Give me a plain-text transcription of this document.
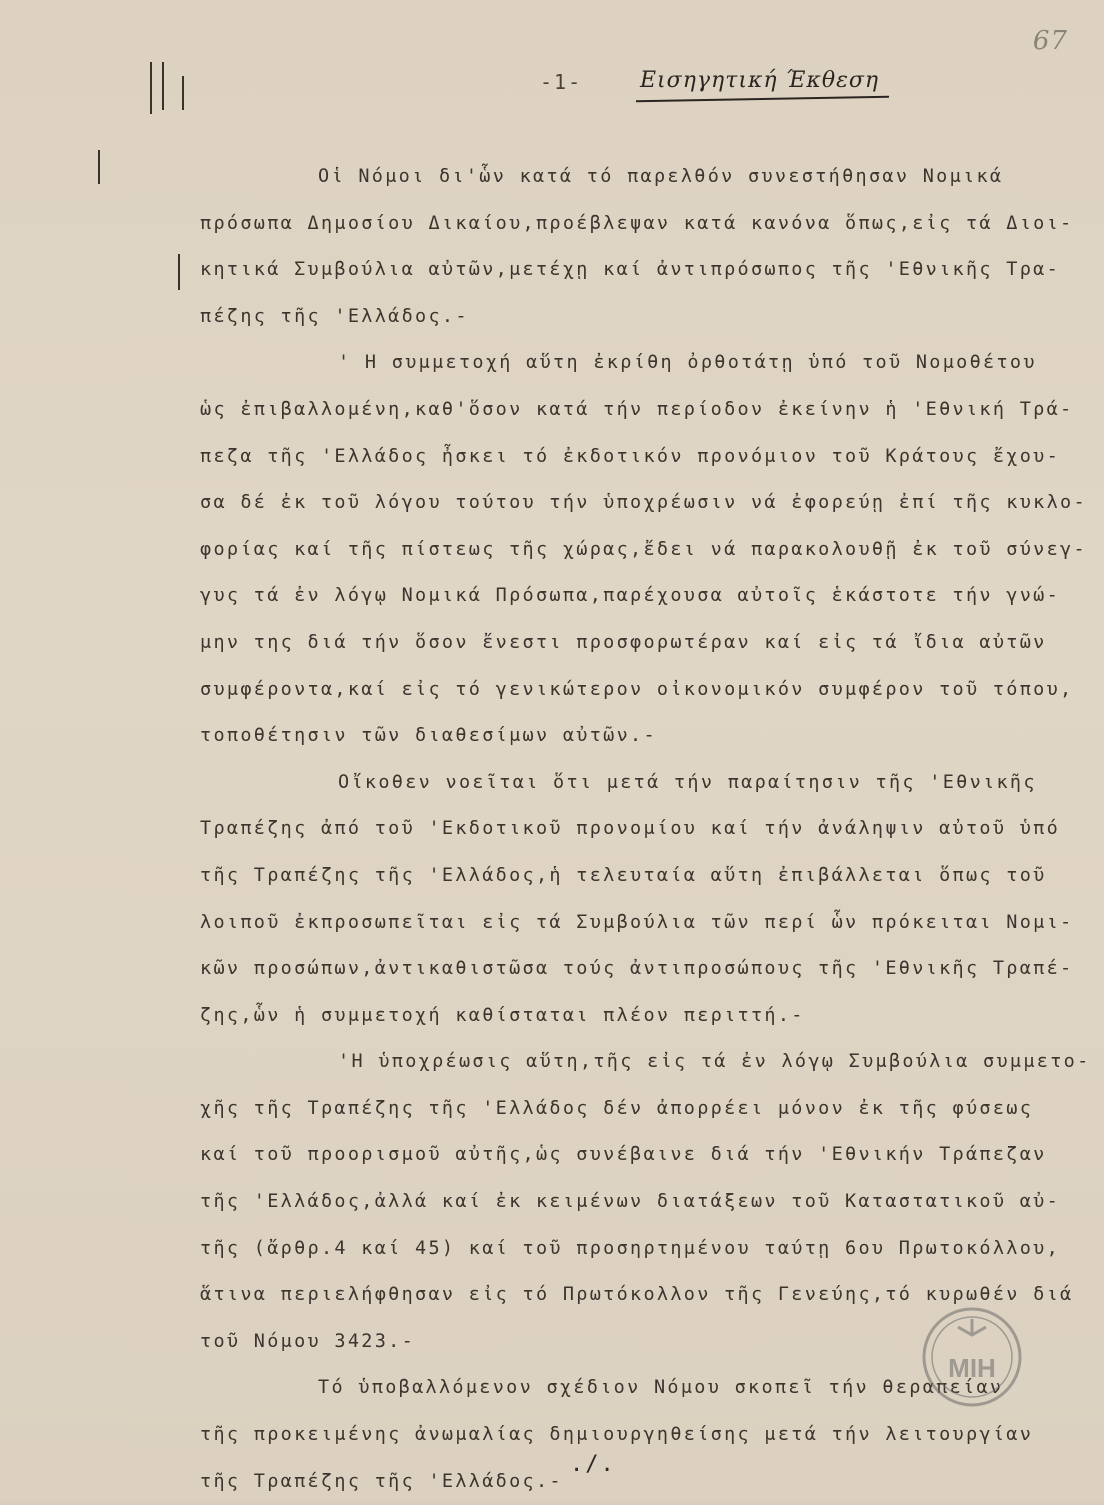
67
-1-	Εισηγητική Έκθεση
Οἱ Νόμοι δι'ὧν κατά τό παρελθόν συνεστήθησαν Νομικά
πρόσωπα Δημοσίου Δικαίου,προέβλεψαν κατά κανόνα ὅπως,εἰς τά Διοι-
κητικά Συμβούλια αὐτῶν,μετέχῃ καί ἀντιπρόσωπος τῆς 'Εθνικῆς Τρα-
πέζης τῆς 'Ελλάδος.-
' Η συμμετοχή αὕτη ἐκρίθη ὀρθοτάτῃ ὑπό τοῦ Νομοθέτου
ὡς ἐπιβαλλομένη,καθ'ὅσον κατά τήν περίοδον ἐκείνην ἡ 'Εθνική Τρά-
πεζα τῆς 'Ελλάδος ἦσκει τό ἐκδοτικόν προνόμιον τοῦ Κράτους ἔχου-
σα δέ ἐκ τοῦ λόγου τούτου τήν ὑποχρέωσιν νά ἐφορεύῃ ἐπί τῆς κυκλο-
φορίας καί τῆς πίστεως τῆς χώρας,ἔδει νά παρακολουθῇ ἐκ τοῦ σύνεγ-
γυς τά ἐν λόγῳ Νομικά Πρόσωπα,παρέχουσα αὐτοῖς ἑκάστοτε τήν γνώ-
μην της διά τήν ὅσον ἔνεστι προσφορωτέραν καί εἰς τά ἴδια αὐτῶν
συμφέροντα,καί εἰς τό γενικώτερον οἰκονομικόν συμφέρον τοῦ τόπου,
τοποθέτησιν τῶν διαθεσίμων αὐτῶν.-
Οἴκοθεν νοεῖται ὅτι μετά τήν παραίτησιν τῆς 'Εθνικῆς
Τραπέζης ἀπό τοῦ 'Εκδοτικοῦ προνομίου καί τήν ἀνάληψιν αὐτοῦ ὑπό
τῆς Τραπέζης τῆς 'Ελλάδος,ἡ τελευταία αὕτη ἐπιβάλλεται ὅπως τοῦ
λοιποῦ ἐκπροσωπεῖται εἰς τά Συμβούλια τῶν περί ὧν πρόκειται Νομι-
κῶν προσώπων,ἀντικαθιστῶσα τούς ἀντιπροσώπους τῆς 'Εθνικῆς Τραπέ-
ζης,ὧν ἡ συμμετοχή καθίσταται πλέον περιττή.-
'Η ὑποχρέωσις αὕτη,τῆς εἰς τά ἐν λόγῳ Συμβούλια συμμετο-
χῆς τῆς Τραπέζης τῆς 'Ελλάδος δέν ἀπορρέει μόνον ἐκ τῆς φύσεως
καί τοῦ προορισμοῦ αὐτῆς,ὡς συνέβαινε διά τήν 'Εθνικήν Τράπεζαν
τῆς 'Ελλάδος,ἀλλά καί ἐκ κειμένων διατάξεων τοῦ Καταστατικοῦ αὐ-
τῆς (ἄρθρ.4 καί 45) καί τοῦ προσηρτημένου ταύτῃ 6ου Πρωτοκόλλου,
ἅτινα περιελήφθησαν εἰς τό Πρωτόκολλον τῆς Γενεύης,τό κυρωθέν διά
τοῦ Νόμου 3423.-
Τό ὑποβαλλόμενον σχέδιον Νόμου σκοπεῖ τήν θεραπείαν
τῆς προκειμένης ἀνωμαλίας δημιουργηθείσης μετά τήν λειτουργίαν
τῆς Τραπέζης τῆς 'Ελλάδος.-
ΜΙΗ
./.
